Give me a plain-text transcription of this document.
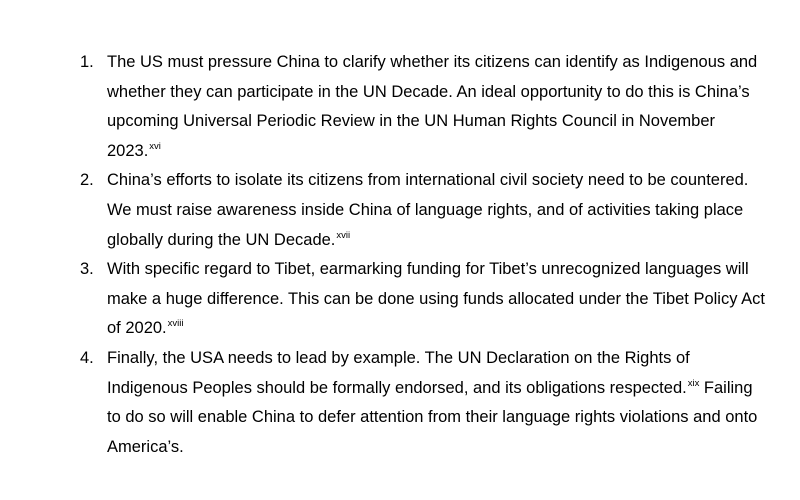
1. The US must pressure China to clarify whether its citizens can identify as Indigenous and whether they can participate in the UN Decade. An ideal opportunity to do this is China’s upcoming Universal Periodic Review in the UN Human Rights Council in November 2023.$^{xvi}$
2. China’s efforts to isolate its citizens from international civil society need to be countered. We must raise awareness inside China of language rights, and of activities taking place globally during the UN Decade.$^{xvii}$
3. With specific regard to Tibet, earmarking funding for Tibet’s unrecognized languages will make a huge difference. This can be done using funds allocated under the Tibet Policy Act of 2020.$^{xviii}$
4. Finally, the USA needs to lead by example. The UN Declaration on the Rights of Indigenous Peoples should be formally endorsed, and its obligations respected.$^{xix}$ Failing to do so will enable China to defer attention from their language rights violations and onto America’s.
